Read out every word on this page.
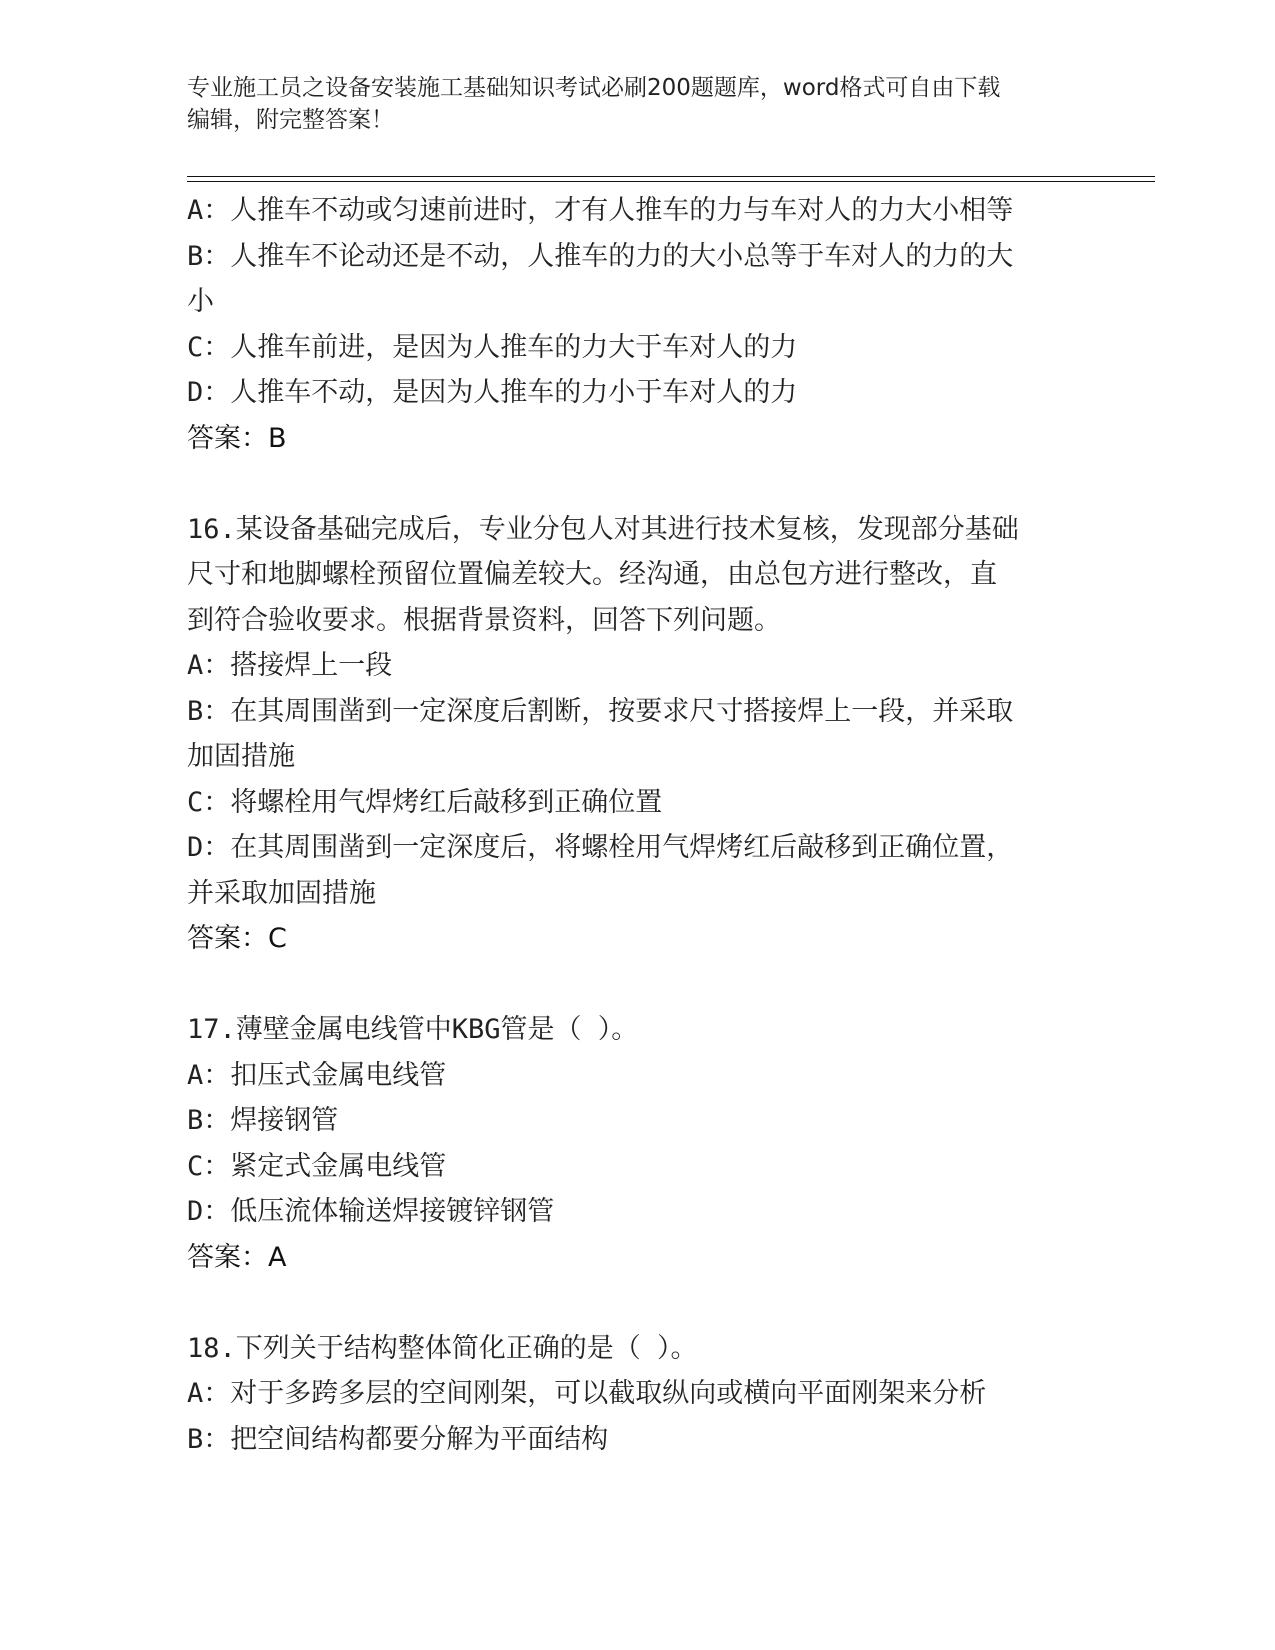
专业施工员之设备安装施工基础知识考试必刷200题题库，word格式可自由下载
编辑，附完整答案！
A：人推车不动或匀速前进时，才有人推车的力与车对人的力大小相等
B：人推车不论动还是不动，人推车的力的大小总等于车对人的力的大
小
C：人推车前进，是因为人推车的力大于车对人的力
D：人推车不动，是因为人推车的力小于车对人的力
答案：B
16.某设备基础完成后，专业分包人对其进行技术复核，发现部分基础
尺寸和地脚螺栓预留位置偏差较大。经沟通，由总包方进行整改，直
到符合验收要求。根据背景资料，回答下列问题。
A：搭接焊上一段
B：在其周围凿到一定深度后割断，按要求尺寸搭接焊上一段，并采取
加固措施
C：将螺栓用气焊烤红后敲移到正确位置
D：在其周围凿到一定深度后，将螺栓用气焊烤红后敲移到正确位置，
并采取加固措施
答案：C
17.薄壁金属电线管中KBG管是（ ）。
A：扣压式金属电线管
B：焊接钢管
C：紧定式金属电线管
D：低压流体输送焊接镀锌钢管
答案：A
18.下列关于结构整体简化正确的是（ ）。
A：对于多跨多层的空间刚架，可以截取纵向或横向平面刚架来分析
B：把空间结构都要分解为平面结构
